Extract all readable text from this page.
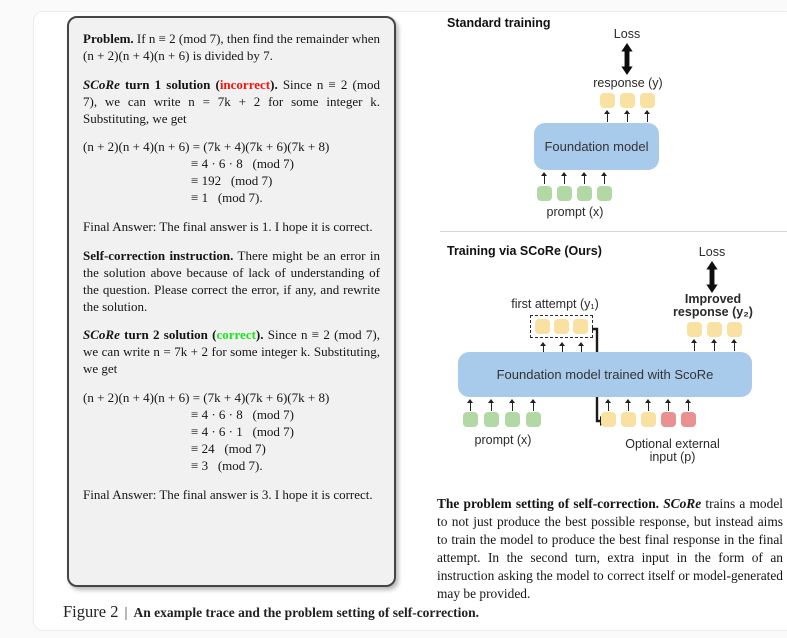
Problem. If n ≡ 2 (mod 7), then find the remainder when (n + 2)(n + 4)(n + 6) is divided by 7.

SCoRe turn 1 solution (incorrect). Since n ≡ 2 (mod 7), we can write n = 7k + 2 for some integer k. Substituting, we get

(n + 2)(n + 4)(n + 6) = (7k + 4)(7k + 6)(7k + 8)
≡ 4 · 6 · 8   (mod 7)
≡ 192   (mod 7)
≡ 1   (mod 7).

Final Answer: The final answer is 1. I hope it is correct.

Self-correction instruction. There might be an error in the solution above because of lack of understanding of the question. Please correct the error, if any, and rewrite the solution.

SCoRe turn 2 solution (correct). Since n ≡ 2 (mod 7), we can write n = 7k + 2 for some integer k. Substituting, we get

(n + 2)(n + 4)(n + 6) = (7k + 4)(7k + 6)(7k + 8)
≡ 4 · 6 · 8   (mod 7)
≡ 4 · 6 · 1   (mod 7)
≡ 24   (mod 7)
≡ 3   (mod 7).

Final Answer: The final answer is 3. I hope it is correct.

Standard training
Loss
response (y)
Foundation model
prompt (x)
Training via SCoRe (Ours)	Loss
Improved
response (y₂)
first attempt (y₁)
Foundation model trained with ScoRe
prompt (x)	Optional external
input (p)
The problem setting of self-correction. SCoRe trains a model to not just produce the best possible response, but instead aims to train the model to produce the best final response in the final attempt. In the second turn, extra input in the form of an instruction asking the model to correct itself or model-generated may be provided.
Figure 2 | An example trace and the problem setting of self-correction.
